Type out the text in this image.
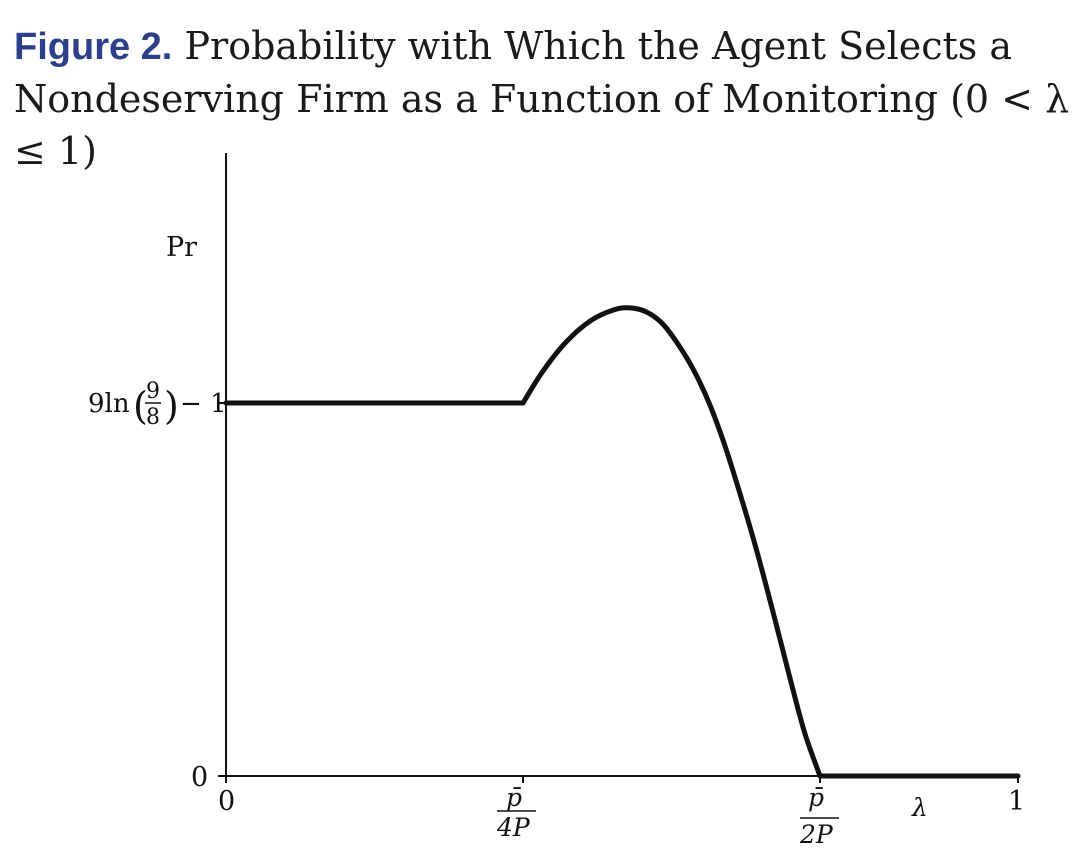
Figure 2. Probability with Which the Agent Selects a
Nondeserving Firm as a Function of Monitoring (0 < λ ≤ 1)
Pr
0
9ln (
9
8 ) − 1
0	p̄
4P
p̄
2P
λ	1
